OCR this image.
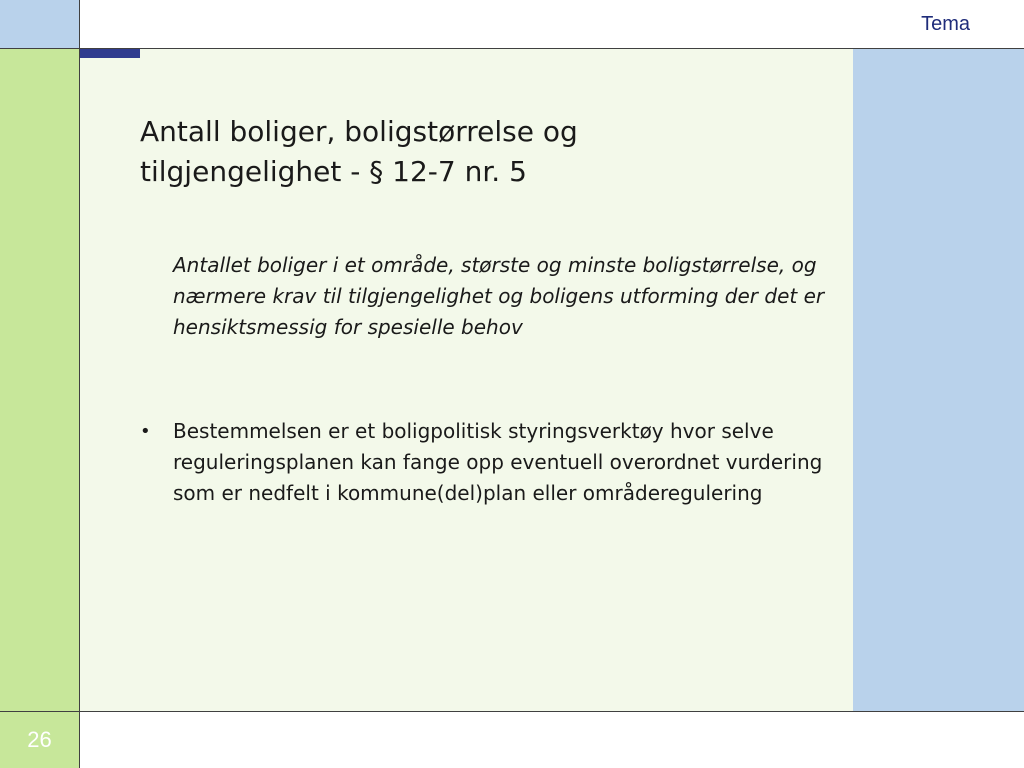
26
Tema
Antall boliger, boligstørrelse og tilgjengelighet - § 12-7 nr. 5

Antallet boliger i et område, største og minste boligstørrelse, og nærmere krav til tilgjengelighet og boligens utforming der det er hensiktsmessig for spesielle behov

•	Bestemmelsen er et boligpolitisk styringsverktøy hvor selve reguleringsplanen kan fange opp eventuell overordnet vurdering som er nedfelt i kommune(del)plan eller områderegulering
